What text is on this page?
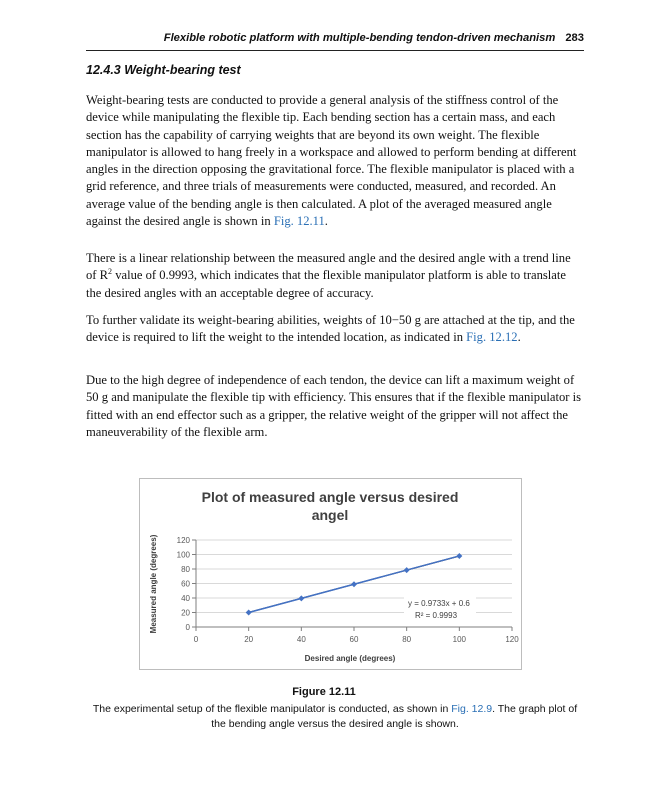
Flexible robotic platform with multiple-bending tendon-driven mechanism 283
12.4.3 Weight-bearing test

Weight-bearing tests are conducted to provide a general analysis of the stiffness control of the device while manipulating the flexible tip. Each bending section has a certain mass, and each section has the capability of carrying weights that are beyond its own weight. The flexible manipulator is allowed to hang freely in a workspace and allowed to perform bending at different angles in the direction opposing the gravitational force. The flexible manipulator is placed with a grid reference, and three trials of measurements were conducted, measured, and recorded. An average value of the bending angle is then calculated. A plot of the averaged measured angle against the desired angle is shown in Fig. 12.11.

There is a linear relationship between the measured angle and the desired angle with a trend line of $R^2$ value of 0.9993, which indicates that the flexible manipulator platform is able to translate the desired angles with an acceptable degree of accuracy.

To further validate its weight-bearing abilities, weights of 10−50 g are attached at the tip, and the device is required to lift the weight to the intended location, as indicated in Fig. 12.12.

Due to the high degree of independence of each tendon, the device can lift a maximum weight of 50 g and manipulate the flexible tip with efficiency. This ensures that if the flexible manipulator is fitted with an end effector such as a gripper, the relative weight of the gripper will not affect the maneuverability of the flexible arm.

0
20
40
60
80
100
120
0	20	40	60	80	100	120
Plot of measured angle versus desired
angel
Desired angle (degrees)
Measured angle (degrees)	y = 0.9733x + 0.6
R² = 0.9993
Figure 12.11

The experimental setup of the flexible manipulator is conducted, as shown in Fig. 12.9. The graph plot of the bending angle versus the desired angle is shown.
